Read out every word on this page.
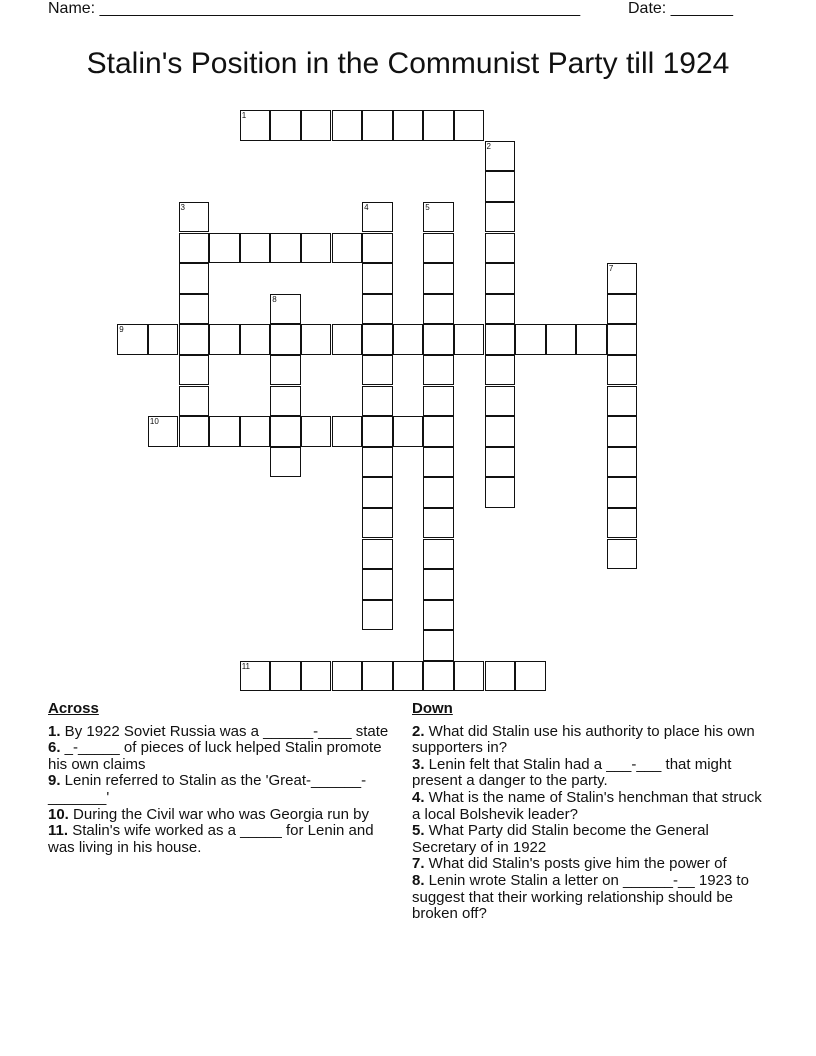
Name: ______________________________________________________	Date: _______
Stalin's Position in the Communist Party till 1924
1
2
3	4	5
7
8
9
10
11
Across

1. By 1922 Soviet Russia was a ______-____ state

6. _-_____ of pieces of luck helped Stalin promote his own claims

9. Lenin referred to Stalin as the 'Great-______-_______'

10. During the Civil war who was Georgia run by

11. Stalin's wife worked as a _____ for Lenin and was living in his house.

Down

2. What did Stalin use his authority to place his own supporters in?

3. Lenin felt that Stalin had a ___-___ that might present a danger to the party.

4. What is the name of Stalin's henchman that struck a local Bolshevik leader?

5. What Party did Stalin become the General Secretary of in 1922

7. What did Stalin's posts give him the power of

8. Lenin wrote Stalin a letter on ______-__ 1923 to suggest that their working relationship should be broken off?
